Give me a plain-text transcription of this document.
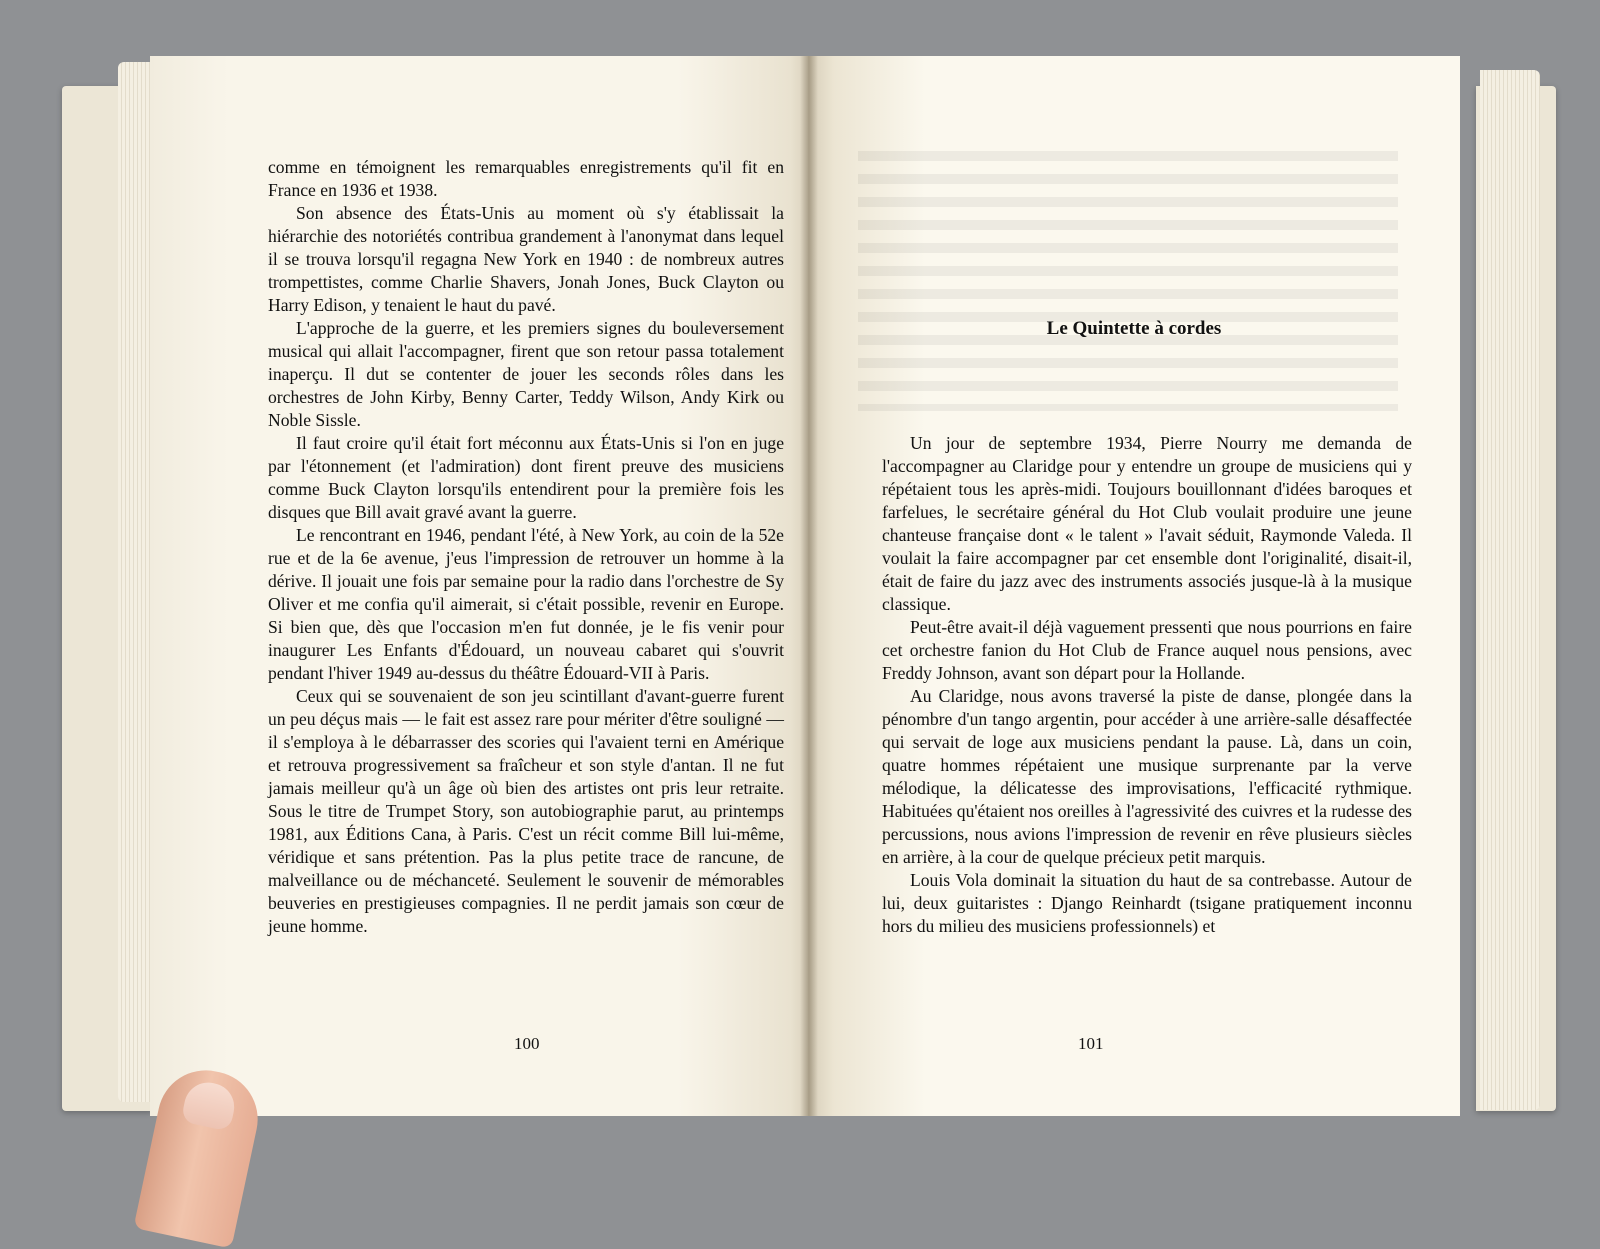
comme en témoignent les remarquables enregistrements qu'il fit en France en 1936 et 1938.

Son absence des États-Unis au moment où s'y établissait la hiérarchie des notoriétés contribua grandement à l'anonymat dans lequel il se trouva lorsqu'il regagna New York en 1940 : de nombreux autres trompettistes, comme Charlie Shavers, Jonah Jones, Buck Clayton ou Harry Edison, y tenaient le haut du pavé.

L'approche de la guerre, et les premiers signes du bouleversement musical qui allait l'accompagner, firent que son retour passa totalement inaperçu. Il dut se contenter de jouer les seconds rôles dans les orchestres de John Kirby, Benny Carter, Teddy Wilson, Andy Kirk ou Noble Sissle.

Il faut croire qu'il était fort méconnu aux États-Unis si l'on en juge par l'étonnement (et l'admiration) dont firent preuve des musiciens comme Buck Clayton lorsqu'ils entendirent pour la première fois les disques que Bill avait gravé avant la guerre.

Le rencontrant en 1946, pendant l'été, à New York, au coin de la 52e rue et de la 6e avenue, j'eus l'impression de retrouver un homme à la dérive. Il jouait une fois par semaine pour la radio dans l'orchestre de Sy Oliver et me confia qu'il aimerait, si c'était possible, revenir en Europe. Si bien que, dès que l'occasion m'en fut donnée, je le fis venir pour inaugurer Les Enfants d'Édouard, un nouveau cabaret qui s'ouvrit pendant l'hiver 1949 au-dessus du théâtre Édouard-VII à Paris.

Ceux qui se souvenaient de son jeu scintillant d'avant-guerre furent un peu déçus mais — le fait est assez rare pour mériter d'être souligné — il s'employa à le débarrasser des scories qui l'avaient terni en Amérique et retrouva progressivement sa fraîcheur et son style d'antan. Il ne fut jamais meilleur qu'à un âge où bien des artistes ont pris leur retraite. Sous le titre de Trumpet Story, son autobiographie parut, au printemps 1981, aux Éditions Cana, à Paris. C'est un récit comme Bill lui-même, véridique et sans prétention. Pas la plus petite trace de rancune, de malveillance ou de méchanceté. Seulement le souvenir de mémorables beuveries en prestigieuses compagnies. Il ne perdit jamais son cœur de jeune homme.

100
Le Quintette à cordes

Un jour de septembre 1934, Pierre Nourry me demanda de l'accompagner au Claridge pour y entendre un groupe de musiciens qui y répétaient tous les après-midi. Toujours bouillonnant d'idées baroques et farfelues, le secrétaire général du Hot Club voulait produire une jeune chanteuse française dont « le talent » l'avait séduit, Raymonde Valeda. Il voulait la faire accompagner par cet ensemble dont l'originalité, disait-il, était de faire du jazz avec des instruments associés jusque-là à la musique classique.

Peut-être avait-il déjà vaguement pressenti que nous pourrions en faire cet orchestre fanion du Hot Club de France auquel nous pensions, avec Freddy Johnson, avant son départ pour la Hollande.

Au Claridge, nous avons traversé la piste de danse, plongée dans la pénombre d'un tango argentin, pour accéder à une arrière-salle désaffectée qui servait de loge aux musiciens pendant la pause. Là, dans un coin, quatre hommes répétaient une musique surprenante par la verve mélodique, la délicatesse des improvisations, l'efficacité rythmique. Habituées qu'étaient nos oreilles à l'agressivité des cuivres et la rudesse des percussions, nous avions l'impression de revenir en rêve plusieurs siècles en arrière, à la cour de quelque précieux petit marquis.

Louis Vola dominait la situation du haut de sa contrebasse. Autour de lui, deux guitaristes : Django Reinhardt (tsigane pratiquement inconnu hors du milieu des musiciens professionnels) et

101
